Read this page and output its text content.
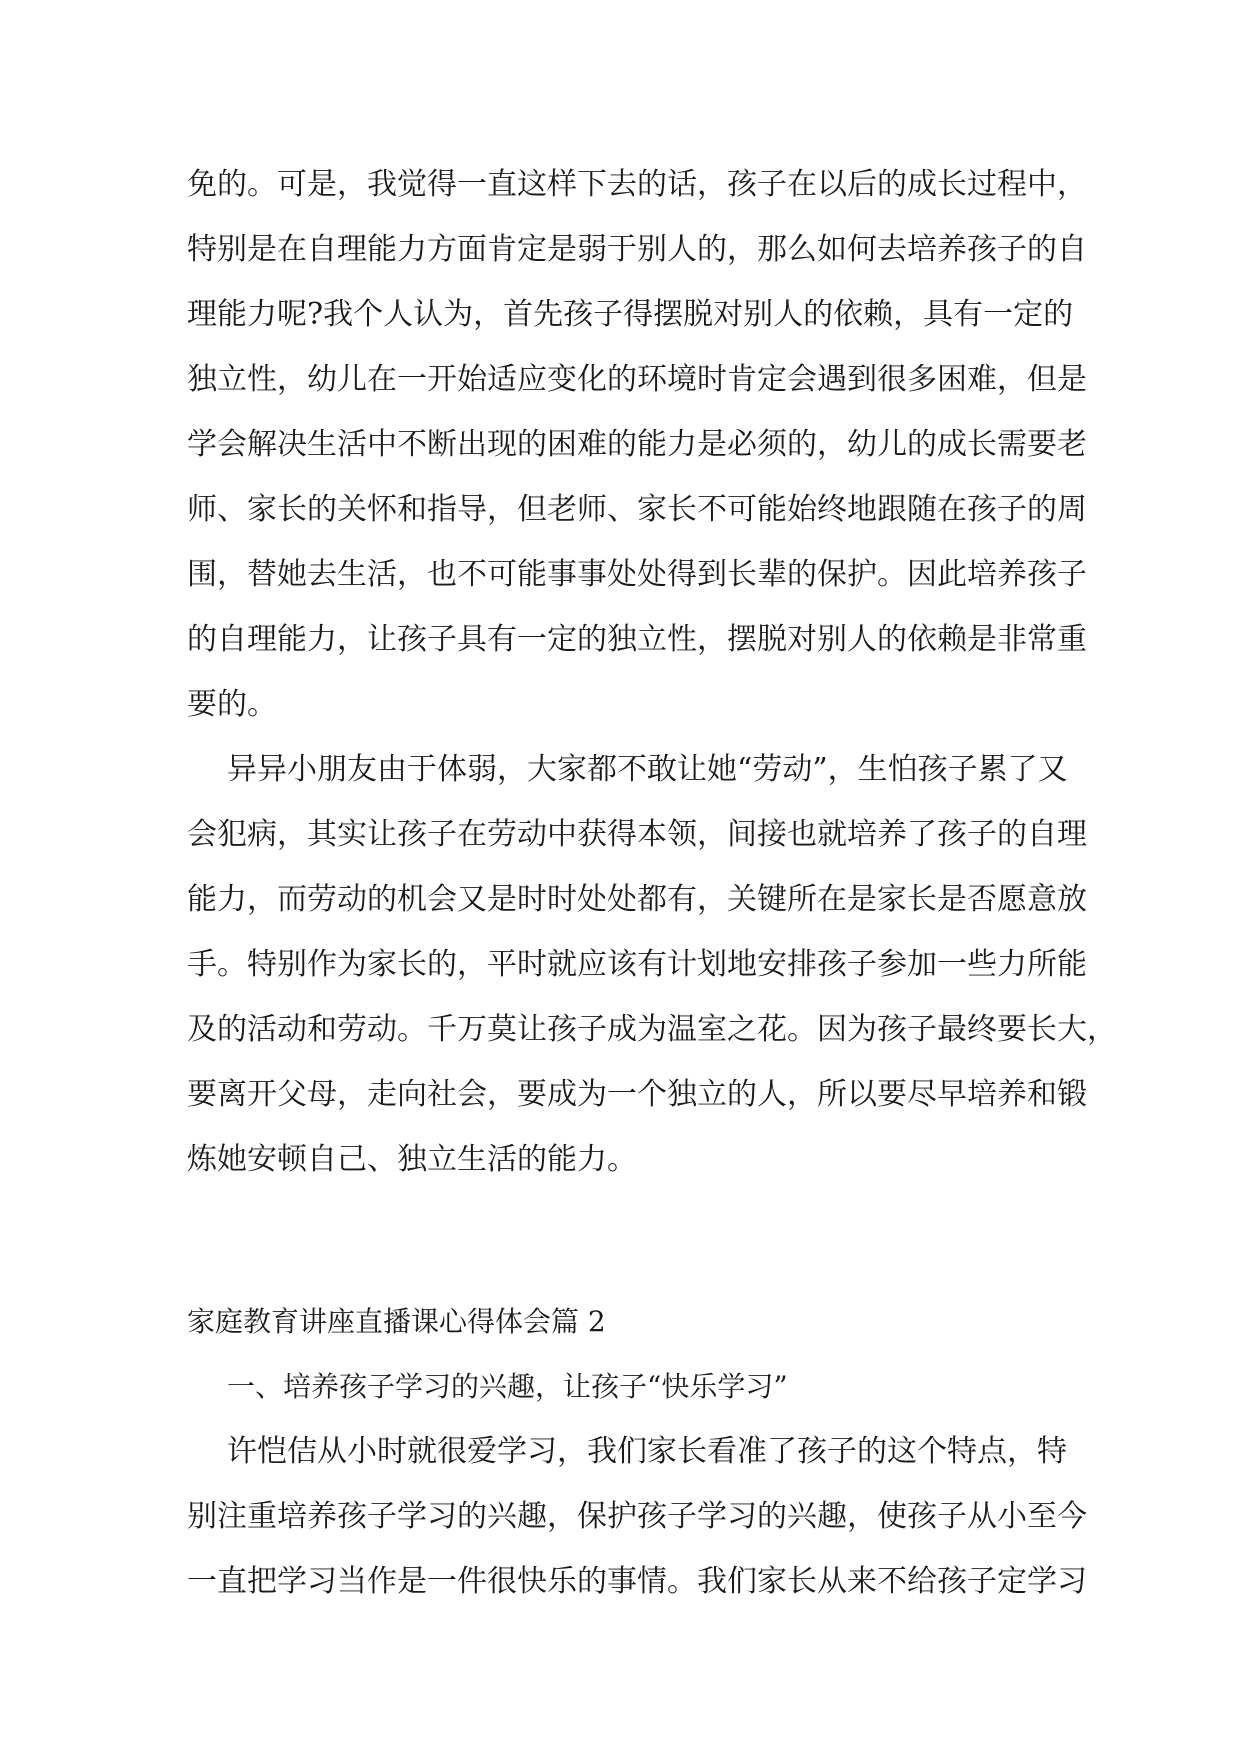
免的。可是，我觉得一直这样下去的话，孩子在以后的成长过程中，
特别是在自理能力方面肯定是弱于别人的，那么如何去培养孩子的自
理能力呢?我个人认为，首先孩子得摆脱对别人的依赖，具有一定的
独立性，幼儿在一开始适应变化的环境时肯定会遇到很多困难，但是
学会解决生活中不断出现的困难的能力是必须的，幼儿的成长需要老
师、家长的关怀和指导，但老师、家长不可能始终地跟随在孩子的周
围，替她去生活，也不可能事事处处得到长辈的保护。因此培养孩子
的自理能力，让孩子具有一定的独立性，摆脱对别人的依赖是非常重
要的。
异异小朋友由于体弱，大家都不敢让她“劳动”，生怕孩子累了又
会犯病，其实让孩子在劳动中获得本领，间接也就培养了孩子的自理
能力，而劳动的机会又是时时处处都有，关键所在是家长是否愿意放
手。特别作为家长的，平时就应该有计划地安排孩子参加一些力所能
及的活动和劳动。千万莫让孩子成为温室之花。因为孩子最终要长大，
要离开父母，走向社会，要成为一个独立的人，所以要尽早培养和锻
炼她安顿自己、独立生活的能力。
家庭教育讲座直播课心得体会篇 2
一、培养孩子学习的兴趣，让孩子“快乐学习”
许恺佶从小时就很爱学习，我们家长看准了孩子的这个特点，特
别注重培养孩子学习的兴趣，保护孩子学习的兴趣，使孩子从小至今
一直把学习当作是一件很快乐的事情。我们家长从来不给孩子定学习
